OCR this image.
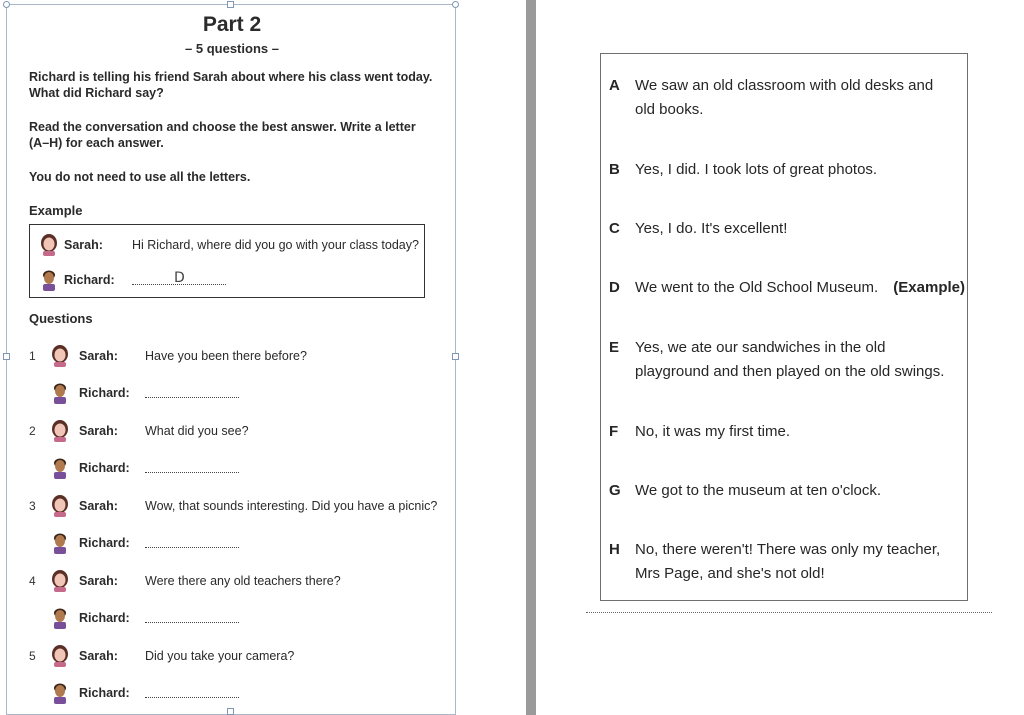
Part 2
– 5 questions –
Richard is telling his friend Sarah about where his class went today. What did Richard say?
Read the conversation and choose the best answer. Write a letter (A–H) for each answer.
You do not need to use all the letters.
Example
Sarah: Hi Richard, where did you go with your class today?
Richard:	D
Questions
1	Sarah: Have you been there before?
Richard:
2	Sarah: What did you see?
Richard:
3	Sarah: Wow, that sounds interesting. Did you have a picnic?
Richard:
4	Sarah: Were there any old teachers there?
Richard:
5	Sarah: Did you take your camera?
Richard:
A We saw an old classroom with old desks and old books.
B Yes, I did. I took lots of great photos.
C Yes, I do. It's excellent!
D We went to the Old School Museum.	(Example)
E Yes, we ate our sandwiches in the old playground and then played on the old swings.
F No, it was my first time.
G We got to the museum at ten o'clock.
H No, there weren't! There was only my teacher, Mrs Page, and she's not old!
